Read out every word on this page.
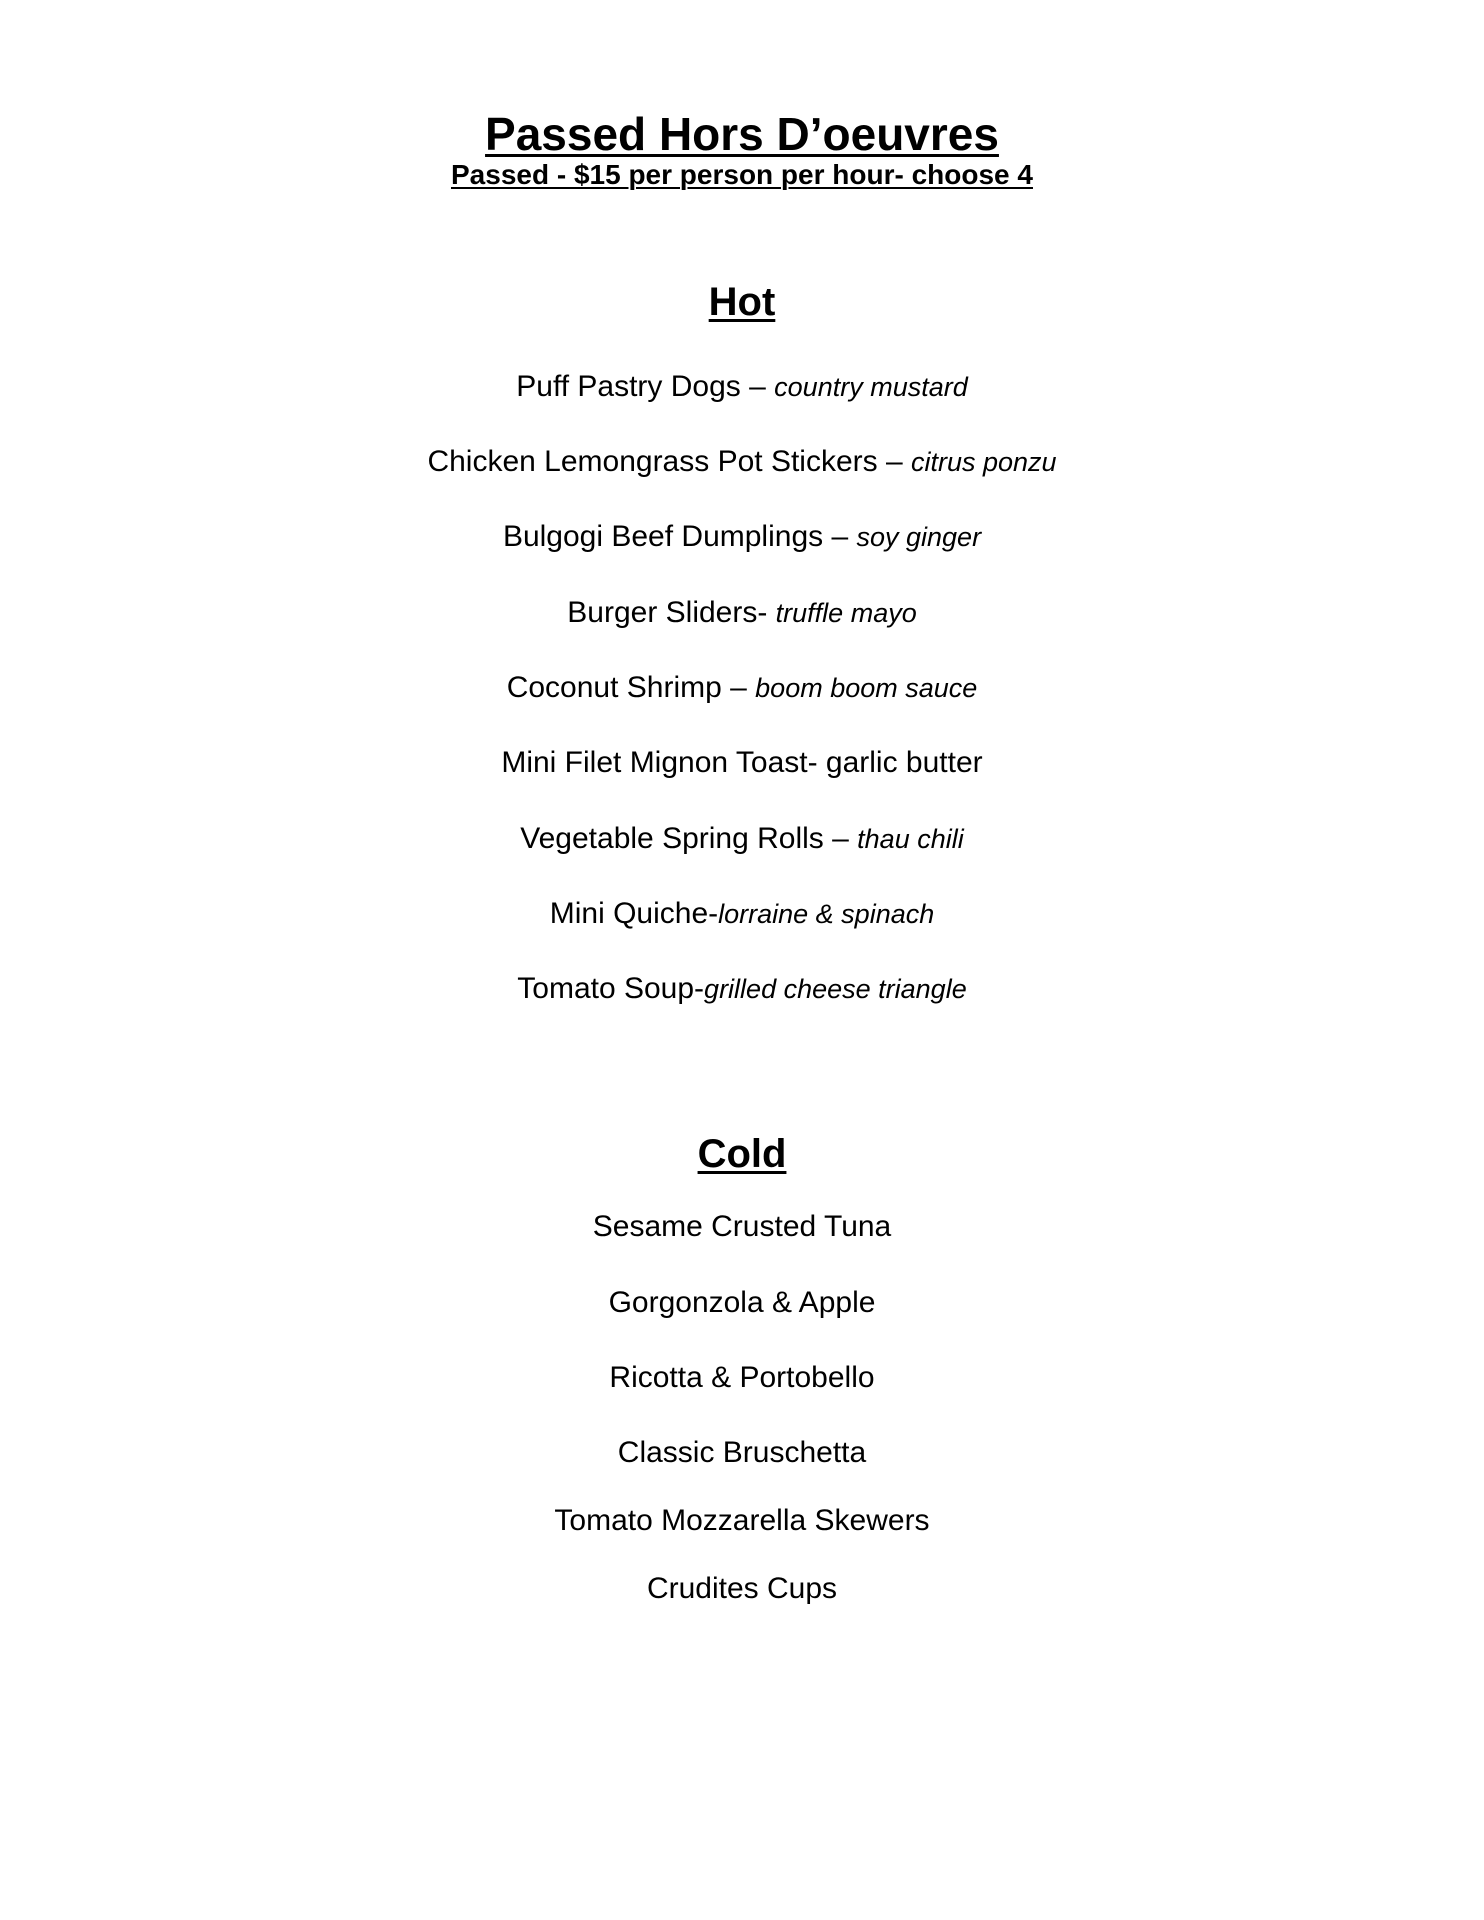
Passed Hors D’oeuvres
Passed - $15 per person per hour- choose 4
Hot
Puff Pastry Dogs – country mustard
Chicken Lemongrass Pot Stickers – citrus ponzu
Bulgogi Beef Dumplings – soy ginger
Burger Sliders- truffle mayo
Coconut Shrimp – boom boom sauce
Mini Filet Mignon Toast- garlic butter
Vegetable Spring Rolls – thau chili
Mini Quiche-lorraine & spinach
Tomato Soup-grilled cheese triangle
Cold
Sesame Crusted Tuna
Gorgonzola & Apple
Ricotta & Portobello
Classic Bruschetta
Tomato Mozzarella Skewers
Crudites Cups
